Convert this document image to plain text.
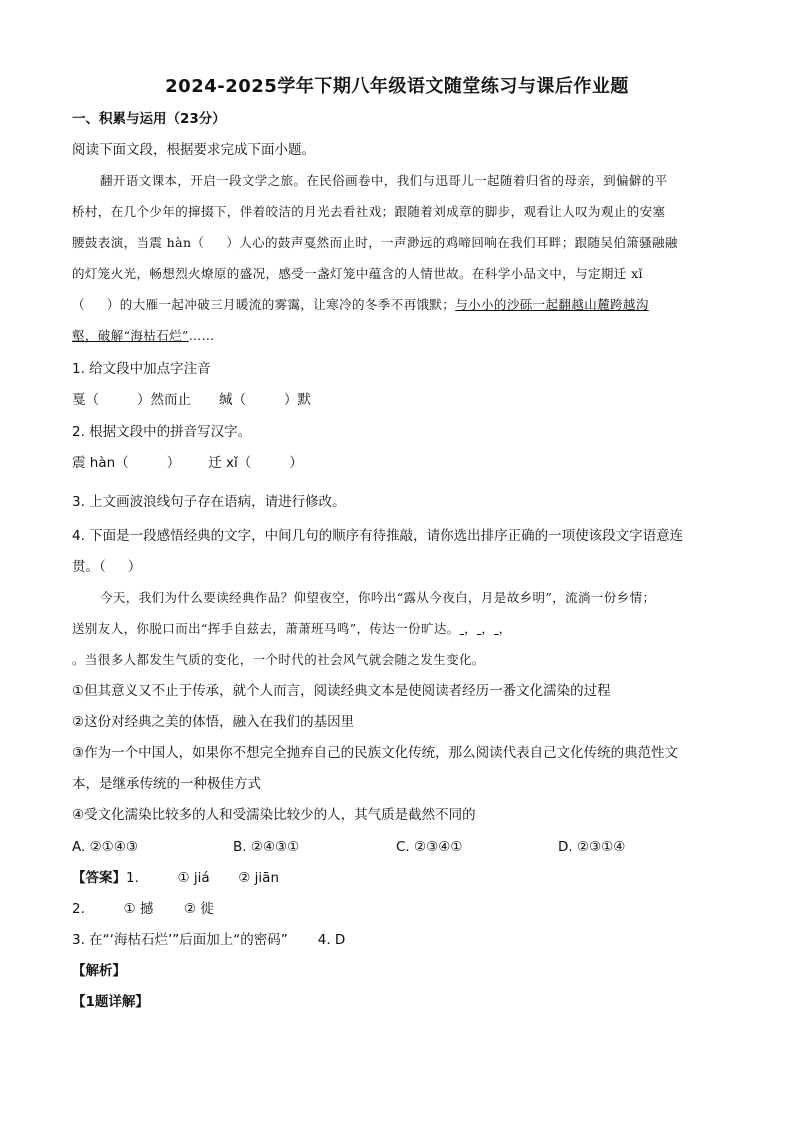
2024-2025学年下期八年级语文随堂练习与课后作业题
一、积累与运用（23分）
阅读下面文段，根据要求完成下面小题。
翻开语文课本，开启一段文学之旅。在民俗画卷中，我们与迅哥儿一起随着归省的母亲，到偏僻的平
桥村，在几个少年的撺掇下，伴着皎洁的月光去看社戏；跟随着刘成章的脚步，观看让人叹为观止的安塞
腰鼓表演，当震 hàn（ ）人心的鼓声戛然而止时，一声渺远的鸡啼回响在我们耳畔；跟随吴伯箫骚融融
的灯笼火光，畅想烈火燎原的盛况，感受一盏灯笼中蕴含的人情世故。在科学小品文中，与定期迁 xǐ
（ ）的大雁一起冲破三月暖流的雾霭，让寒冷的冬季不再饿默；与小小的沙砾一起翻越山麓跨越沟
壑，破解“海枯石烂”……
1. 给文段中加点字注音
戛（	）然而止 缄（	）默
2. 根据文段中的拼音写汉字。
震 hàn（	） 迁 xǐ（	）
3. 上文画波浪线句子存在语病，请进行修改。
4. 下面是一段感悟经典的文字，中间几句的顺序有待推敲，请你选出排序正确的一项使该段文字语意连
贯。（ ）
今天，我们为什么要读经典作品？仰望夜空，你吟出“露从今夜白，月是故乡明”，流淌一份乡情；
送别友人，你脱口而出“挥手自兹去，萧萧班马鸣”，传达一份旷达。 ， ， ，
。当很多人都发生气质的变化，一个时代的社会风气就会随之发生变化。
①但其意义又不止于传承，就个人而言，阅读经典文本是使阅读者经历一番文化濡染的过程
②这份对经典之美的体悟，融入在我们的基因里
③作为一个中国人，如果你不想完全抛弃自己的民族文化传统，那么阅读代表自己文化传统的典范性文
本，是继承传统的一种极佳方式
④受文化濡染比较多的人和受濡染比较少的人，其气质是截然不同的
A. ②①④③	B. ②④③①	C. ②③④①	D. ②③①④
【答案】1.	① jiá ② jiān
2.	① 撼 ② 徙
3. 在“‘海枯石烂’”后面加上“的密码” 4. D
【解析】
【1题详解】
